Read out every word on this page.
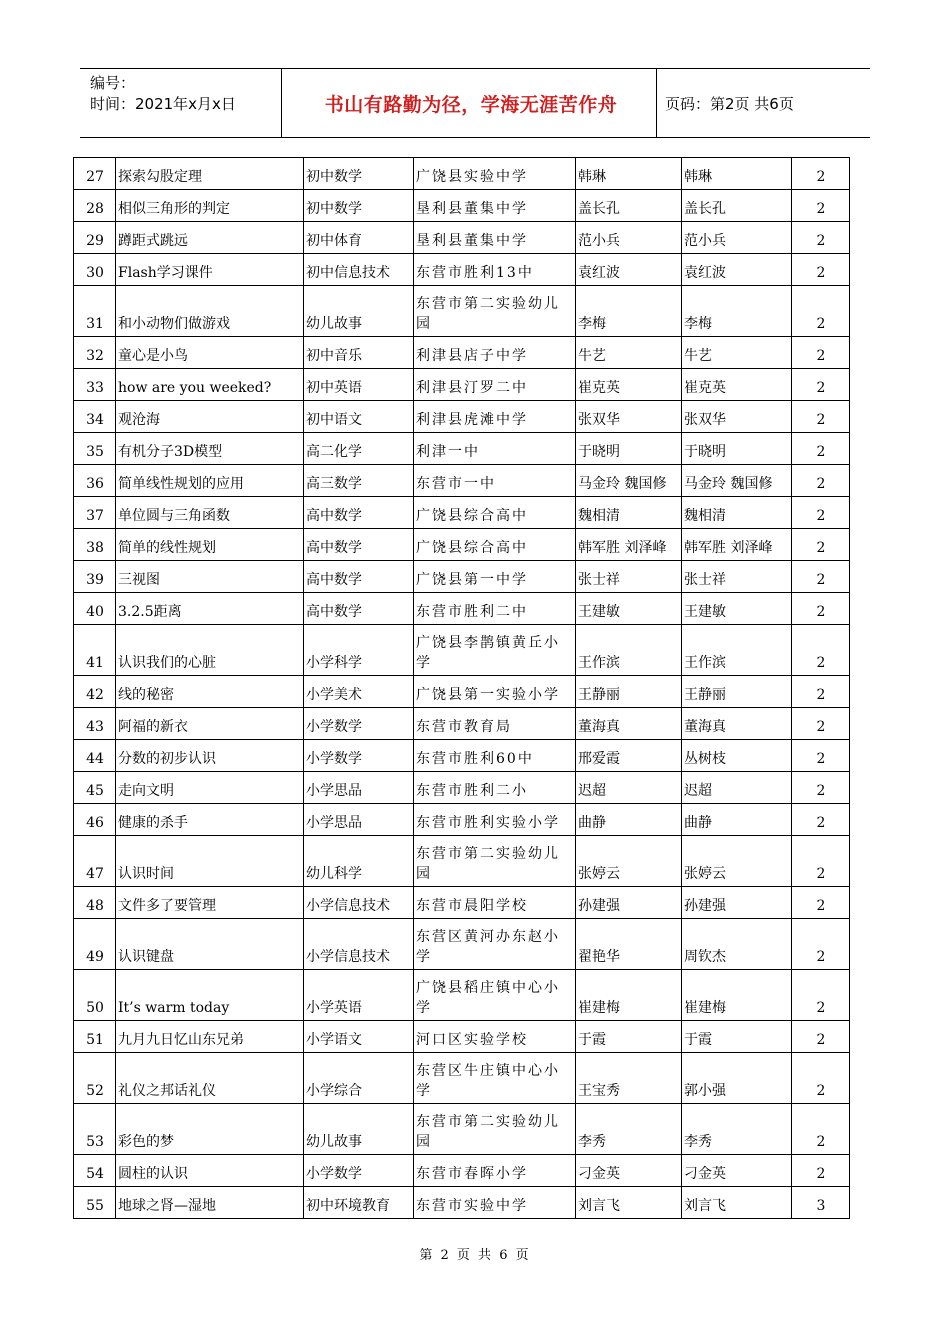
编号：
时间：2021年x月x日	书山有路勤为径，学海无涯苦作舟	页码：第2页 共6页
27	探索勾股定理	初中数学	广饶县实验中学	韩琳	韩琳	2
28	相似三角形的判定	初中数学	垦利县董集中学	盖长孔	盖长孔	2
29	蹲距式跳远	初中体育	垦利县董集中学	范小兵	范小兵	2
30	Flash学习课件	初中信息技术	东营市胜利13中	袁红波	袁红波	2
31	和小动物们做游戏	幼儿故事	东营市第二实验幼儿园	李梅	李梅	2
32	童心是小鸟	初中音乐	利津县店子中学	牛艺	牛艺	2
33	how are you weeked?	初中英语	利津县汀罗二中	崔克英	崔克英	2
34	观沧海	初中语文	利津县虎滩中学	张双华	张双华	2
35	有机分子3D模型	高二化学	利津一中	于晓明	于晓明	2
36	简单线性规划的应用	高三数学	东营市一中	马金玲 魏国修	马金玲 魏国修	2
37	单位圆与三角函数	高中数学	广饶县综合高中	魏相清	魏相清	2
38	简单的线性规划	高中数学	广饶县综合高中	韩军胜 刘泽峰	韩军胜 刘泽峰	2
39	三视图	高中数学	广饶县第一中学	张士祥	张士祥	2
40	3.2.5距离	高中数学	东营市胜利二中	王建敏	王建敏	2
41	认识我们的心脏	小学科学	广饶县李鹊镇黄丘小学	王作滨	王作滨	2
42	线的秘密	小学美术	广饶县第一实验小学	王静丽	王静丽	2
43	阿福的新衣	小学数学	东营市教育局	董海真	董海真	2
44	分数的初步认识	小学数学	东营市胜利60中	邢爱霞	丛树枝	2
45	走向文明	小学思品	东营市胜利二小	迟超	迟超	2
46	健康的杀手	小学思品	东营市胜利实验小学	曲静	曲静	2
47	认识时间	幼儿科学	东营市第二实验幼儿园	张婷云	张婷云	2
48	文件多了要管理	小学信息技术	东营市晨阳学校	孙建强	孙建强	2
49	认识键盘	小学信息技术	东营区黄河办东赵小学	翟艳华	周钦杰	2
50	It’s warm today	小学英语	广饶县稻庄镇中心小学	崔建梅	崔建梅	2
51	九月九日忆山东兄弟	小学语文	河口区实验学校	于霞	于霞	2
52	礼仪之邦话礼仪	小学综合	东营区牛庄镇中心小学	王宝秀	郭小强	2
53	彩色的梦	幼儿故事	东营市第二实验幼儿园	李秀	李秀	2
54	圆柱的认识	小学数学	东营市春晖小学	刁金英	刁金英	2
55	地球之肾—湿地	初中环境教育	东营市实验中学	刘言飞	刘言飞	3
第 2 页 共 6 页
